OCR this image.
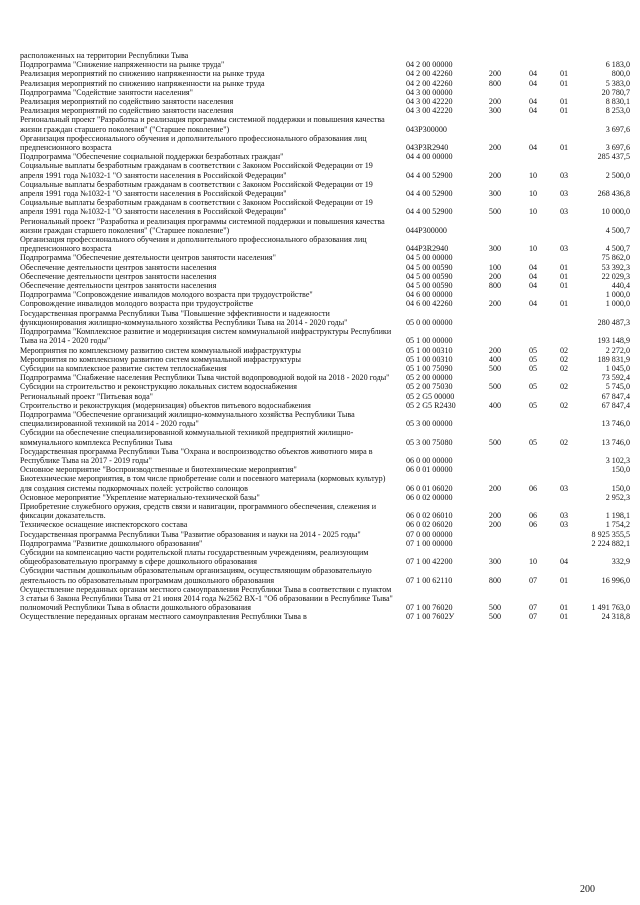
расположенных на территории Республики Тыва
Подпрограмма "Снижение напряженности на рынке труда"	04 2 00 00000	6 183,0
Реализация мероприятий по снижению напряженности на рынке труда	04 2 00 42260	200	04	01	800,0
Реализация мероприятий по снижению напряженности на рынке труда	04 2 00 42260	800	04	01	5 383,0
Подпрограмма "Содействие занятости населения"	04 3 00 00000	20 780,7
Реализация мероприятий по содействию занятости населения	04 3 00 42220	200	04	01	8 830,1
Реализация мероприятий по содействию занятости населения	04 3 00 42220	300	04	01	8 253,0
Региональный проект "Разработка и реализация программы системной поддержки и повышения качества жизни граждан старшего поколения" ("Старшее поколение")	043P300000	3 697,6
Организация профессионального обучения и дополнительного профессионального образования лиц предпенсионного возраста	043P3R2940	200	04	01	3 697,6
Подпрограмма "Обеспечение социальной поддержки безработных граждан"	04 4 00 00000	285 437,5
Социальные выплаты безработным гражданам в соответствии с Законом Российской Федерации от 19 апреля 1991 года №1032-1 "О занятости населения в Российской Федерации"	04 4 00 52900	200	10	03	2 500,0
Социальные выплаты безработным гражданам в соответствии с Законом Российской Федерации от 19 апреля 1991 года №1032-1 "О занятости населения в Российской Федерации"	04 4 00 52900	300	10	03	268 436,8
Социальные выплаты безработным гражданам в соответствии с Законом Российской Федерации от 19 апреля 1991 года №1032-1 "О занятости населения в Российской Федерации"	04 4 00 52900	500	10	03	10 000,0
Региональный проект "Разработка и реализация программы системной поддержки и повышения качества жизни граждан старшего поколения" ("Старшее поколение")	044P300000	4 500,7
Организация профессионального обучения и дополнительного профессионального образования лиц предпенсионного возраста	044P3R2940	300	10	03	4 500,7
Подпрограмма "Обеспечение деятельности центров занятости населения"	04 5 00 00000	75 862,0
Обеспечение деятельности центров занятости населения	04 5 00 00590	100	04	01	53 392,3
Обеспечение деятельности центров занятости населения	04 5 00 00590	200	04	01	22 029,3
Обеспечение деятельности центров занятости населения	04 5 00 00590	800	04	01	440,4
Подпрограмма "Сопровождение инвалидов молодого возраста при трудоустройстве"	04 6 00 00000	1 000,0
Сопровождение инвалидов молодого возраста при трудоустройстве	04 6 00 42260	200	04	01	1 000,0
Государственная программа Республики Тыва "Повышение эффективности и надежности функционирования жилищно-коммунального хозяйства Республики Тыва на 2014 - 2020 годы"	05 0 00 00000	280 487,3
Подпрограмма "Комплексное развитие и модернизация систем коммунальной инфраструктуры Республики Тыва на 2014 - 2020 годы"	05 1 00 00000	193 148,9
Мероприятия по комплексному развитию систем коммунальной инфраструктуры	05 1 00 00310	200	05	02	2 272,0
Мероприятия по комплексному развитию систем коммунальной инфраструктуры	05 1 00 00310	400	05	02	189 831,9
Субсидии на комплексное развитие систем теплоснабжения	05 1 00 75090	500	05	02	1 045,0
Подпрограмма "Снабжение населения Республики Тыва чистой водопроводной водой на 2018 - 2020 годы"	05 2 00 00000	73 592,4
Субсидии на строительство и реконструкцию локальных систем водоснабжения	05 2 00 75030	500	05	02	5 745,0
Региональный проект "Питьевая вода"	05 2 G5 00000	67 847,4
Строительство и реконструкция (модернизация) объектов питьевого водоснабжения	05 2 G5 R2430	400	05	02	67 847,4
Подпрограмма "Обеспечение организаций жилищно-коммунального хозяйства Республики Тыва специализированной техникой на 2014 - 2020 годы"	05 3 00 00000	13 746,0
Субсидии на обеспечение специализированной коммунальной техникой предприятий жилищно-коммунального комплекса Республики Тыва	05 3 00 75080	500	05	02	13 746,0
Государственная программа Республики Тыва "Охрана и воспроизводство объектов животного мира в Республике Тыва на 2017 - 2019 годы"	06 0 00 00000	3 102,3
Основное мероприятие "Воспроизводственные и биотехнические мероприятия"	06 0 01 00000	150,0
Биотехнические мероприятия, в том числе приобретение соли и посевного материала (кормовых культур) для создания системы подкормочных полей: устройство солонцов	06 0 01 06020	200	06	03	150,0
Основное мероприятие "Укрепление материально-технической базы"	06 0 02 00000	2 952,3
Приобретение служебного оружия, средств связи и навигации, программного обеспечения, слежения и фиксации доказательств.	06 0 02 06010	200	06	03	1 198,1
Техническое оснащение инспекторского состава	06 0 02 06020	200	06	03	1 754,2
Государственная программа Республики Тыва "Развитие образования и науки на 2014 - 2025 годы"	07 0 00 00000	8 925 355,5
Подпрограмма "Развитие дошкольного образования"	07 1 00 00000	2 224 882,1
Субсидии на компенсацию части родительской платы государственным учреждениям, реализующим общеобразовательную программу в сфере дошкольного образования	07 1 00 42200	300	10	04	332,9
Субсидии частным дошкольным образовательным организациям, осуществляющим образовательную деятельность по образовательным программам дошкольного образования	07 1 00 62110	800	07	01	16 996,0
Осуществление переданных органам местного самоуправления Республики Тыва в соответствии с пунктом 3 статьи 6 Закона Республики Тыва от 21 июня 2014 года №2562 ВХ-1 "Об образовании в Республике Тыва" полномочий Республики Тыва в области дошкольного образования	07 1 00 76020	500	07	01	1 491 763,0
Осуществление переданных органам местного самоуправления Республики Тыва в	07 1 00 7602У	500	07	01	24 318,8
200
